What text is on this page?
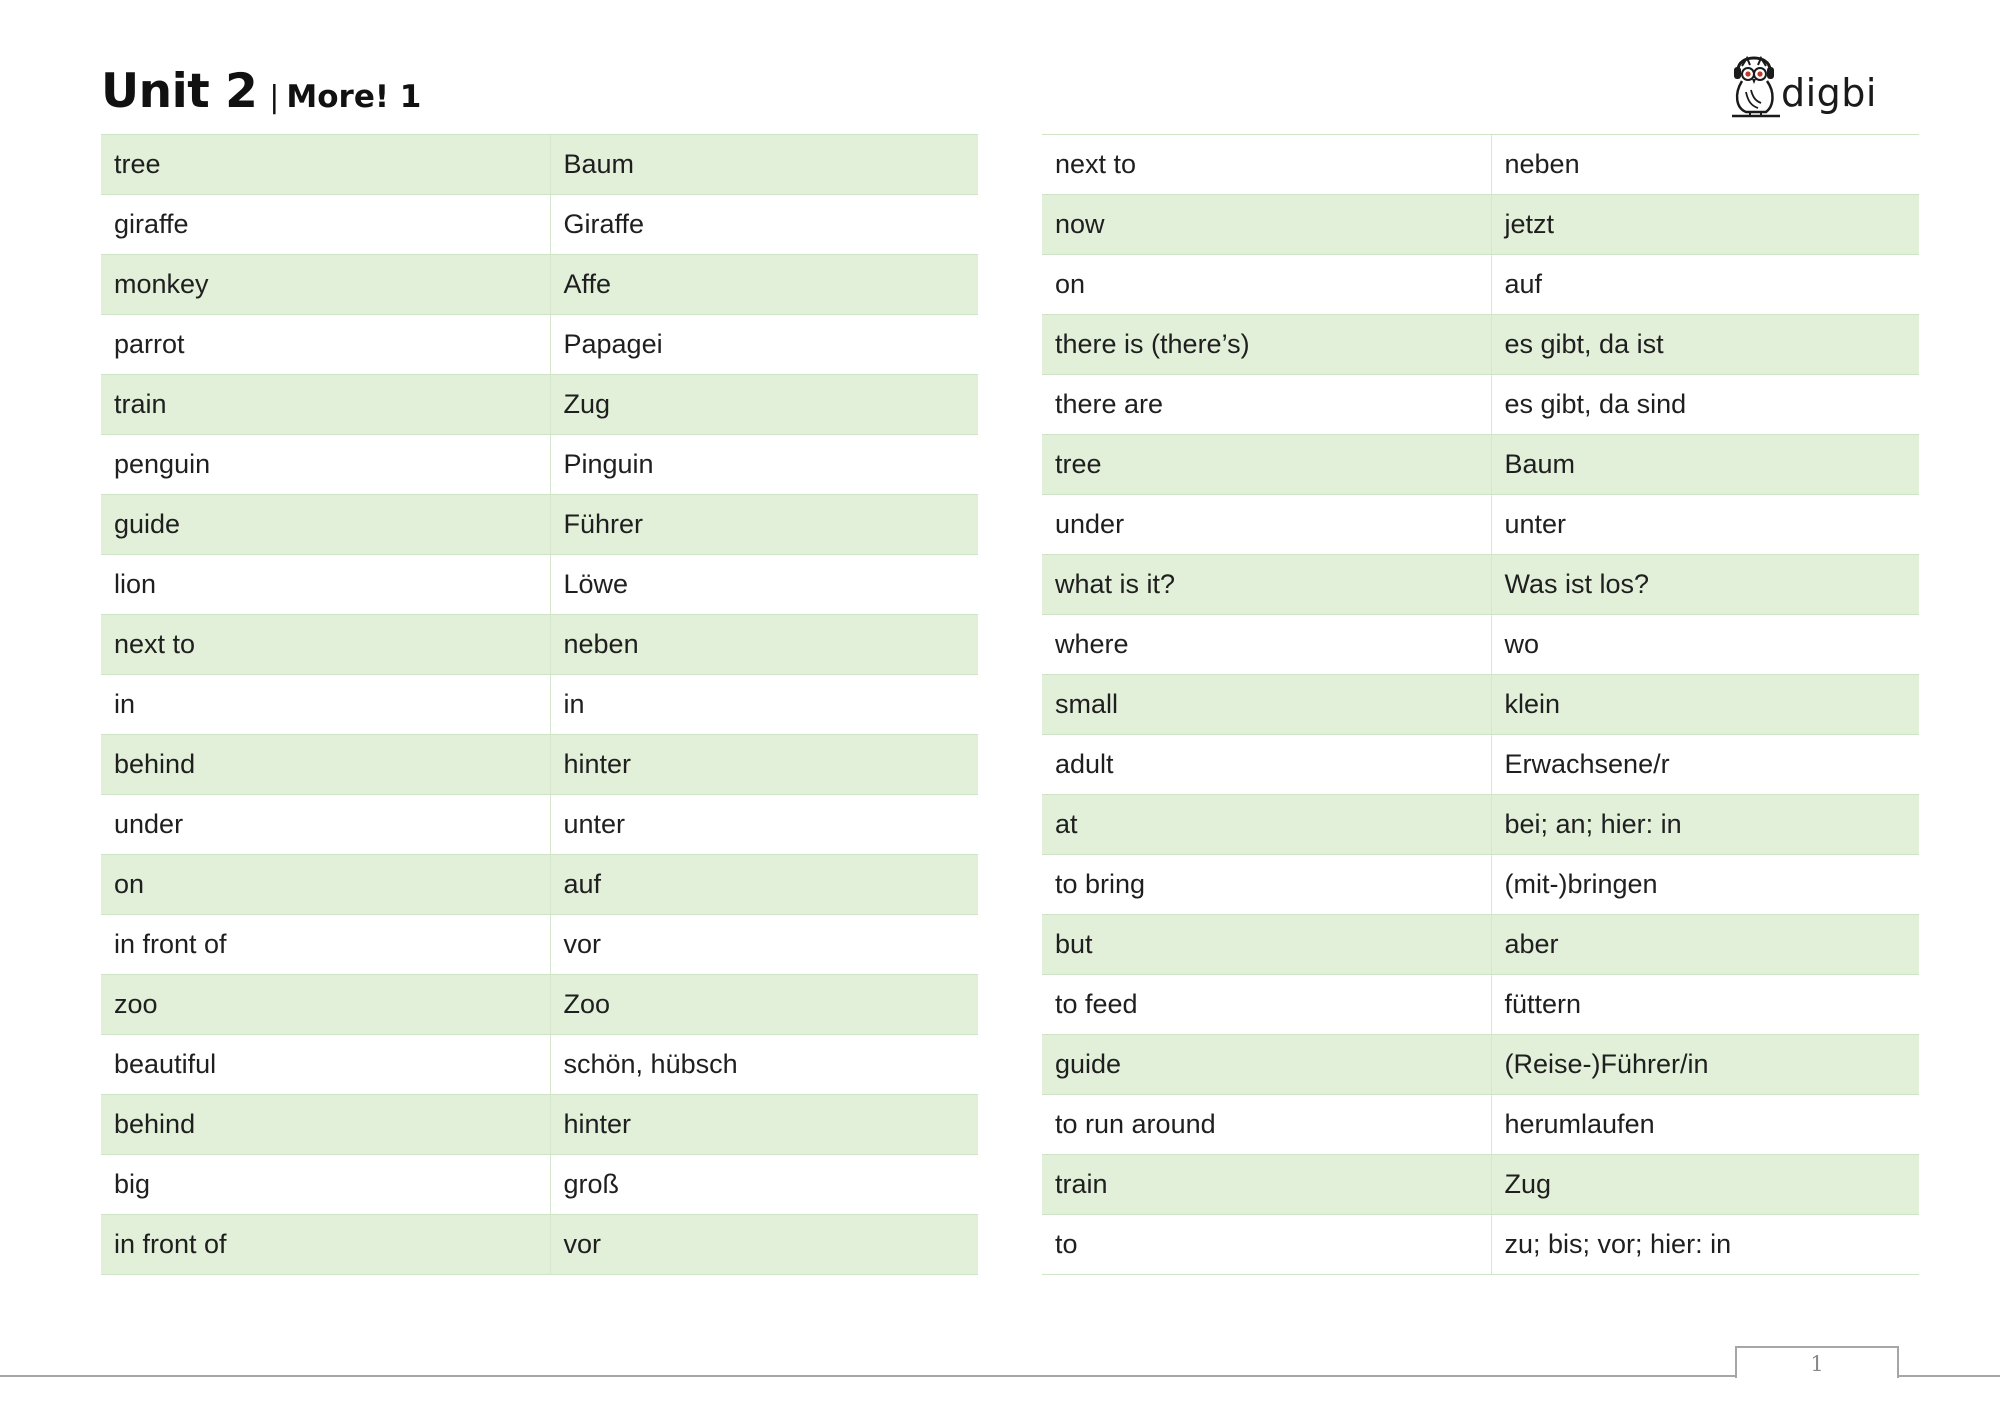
Unit 2 | More! 1	digbi
tree	Baum
giraffe	Giraffe
monkey	Affe
parrot	Papagei
train	Zug
penguin	Pinguin
guide	Führer
lion	Löwe
next to	neben
in	in
behind	hinter
under	unter
on	auf
in front of	vor
zoo	Zoo
beautiful	schön, hübsch
behind	hinter
big	groß
in front of	vor
next to	neben
now	jetzt
on	auf
there is (there’s)	es gibt, da ist
there are	es gibt, da sind
tree	Baum
under	unter
what is it?	Was ist los?
where	wo
small	klein
adult	Erwachsene/r
at	bei; an; hier: in
to bring	(mit-)bringen
but	aber
to feed	füttern
guide	(Reise-)Führer/in
to run around	herumlaufen
train	Zug
to	zu; bis; vor; hier: in
1
